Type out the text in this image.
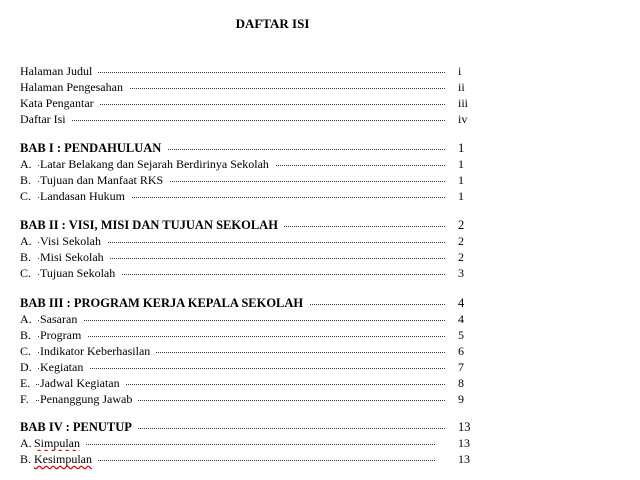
DAFTAR ISI
Halaman Judul	i
Halaman Pengesahan	ii
Kata Pengantar	iii
Daftar Isi	iv
BAB I : PENDAHULUAN	1
A. Latar Belakang dan Sejarah Berdirinya Sekolah	1
B. Tujuan dan Manfaat RKS	1
C. Landasan Hukum	1
BAB II : VISI, MISI DAN TUJUAN SEKOLAH	2
A. Visi Sekolah	2
B. Misi Sekolah	2
C. Tujuan Sekolah	3
BAB III : PROGRAM KERJA KEPALA SEKOLAH	4
A. Sasaran	4
B. Program	5
C. Indikator Keberhasilan	6
D. Kegiatan	7
E. Jadwal Kegiatan	8
F. Penanggung Jawab	9
BAB IV : PENUTUP	13
A. Simpulan	13
B. Kesimpulan	13
